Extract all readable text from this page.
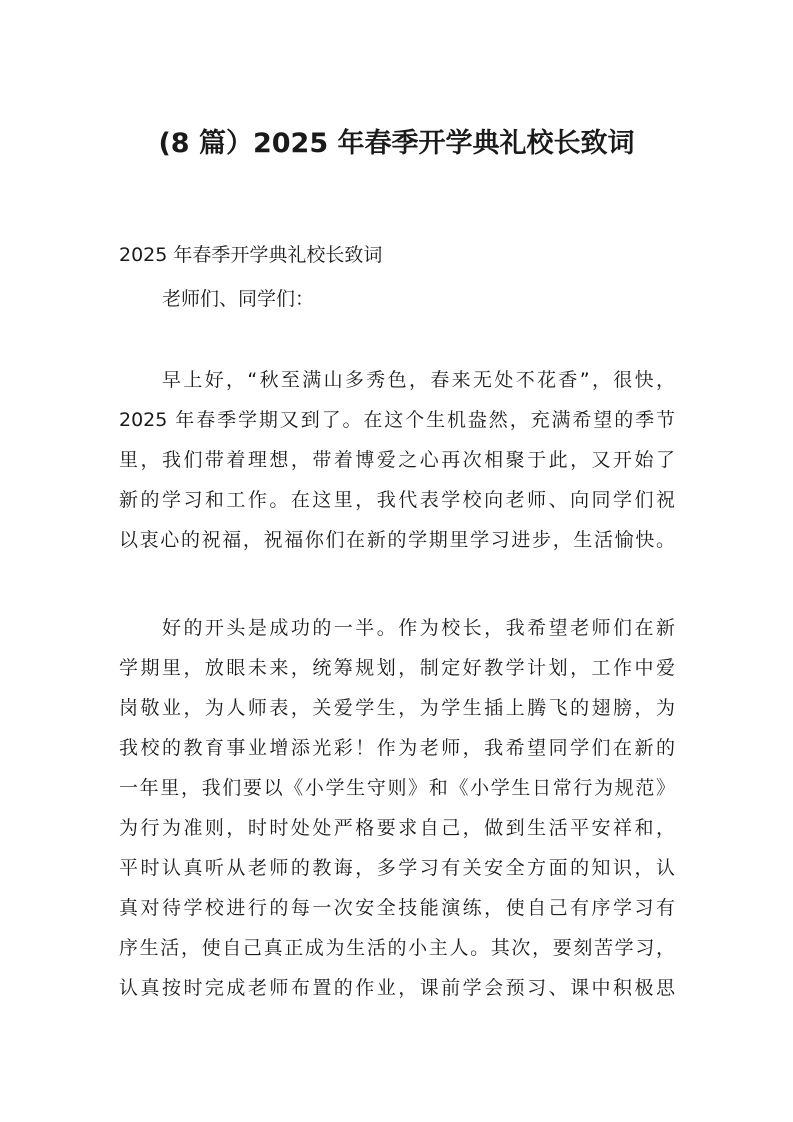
(8 篇）2025 年春季开学典礼校长致词

2025 年春季开学典礼校长致词

老师们、同学们：

早上好，“秋至满山多秀色，春来无处不花香”，很快，
2025 年春季学期又到了。在这个生机盎然，充满希望的季节
里，我们带着理想，带着博爱之心再次相聚于此，又开始了
新的学习和工作。在这里，我代表学校向老师、向同学们祝
以衷心的祝福，祝福你们在新的学期里学习进步，生活愉快。
好的开头是成功的一半。作为校长，我希望老师们在新
学期里，放眼未来，统筹规划，制定好教学计划，工作中爱
岗敬业，为人师表，关爱学生，为学生插上腾飞的翅膀，为
我校的教育事业增添光彩！作为老师，我希望同学们在新的
一年里，我们要以《小学生守则》和《小学生日常行为规范》
为行为准则，时时处处严格要求自己，做到生活平安祥和，
平时认真听从老师的教诲，多学习有关安全方面的知识，认
真对待学校进行的每一次安全技能演练，使自己有序学习有
序生活，使自己真正成为生活的小主人。其次，要刻苦学习，
认真按时完成老师布置的作业，课前学会预习、课中积极思
